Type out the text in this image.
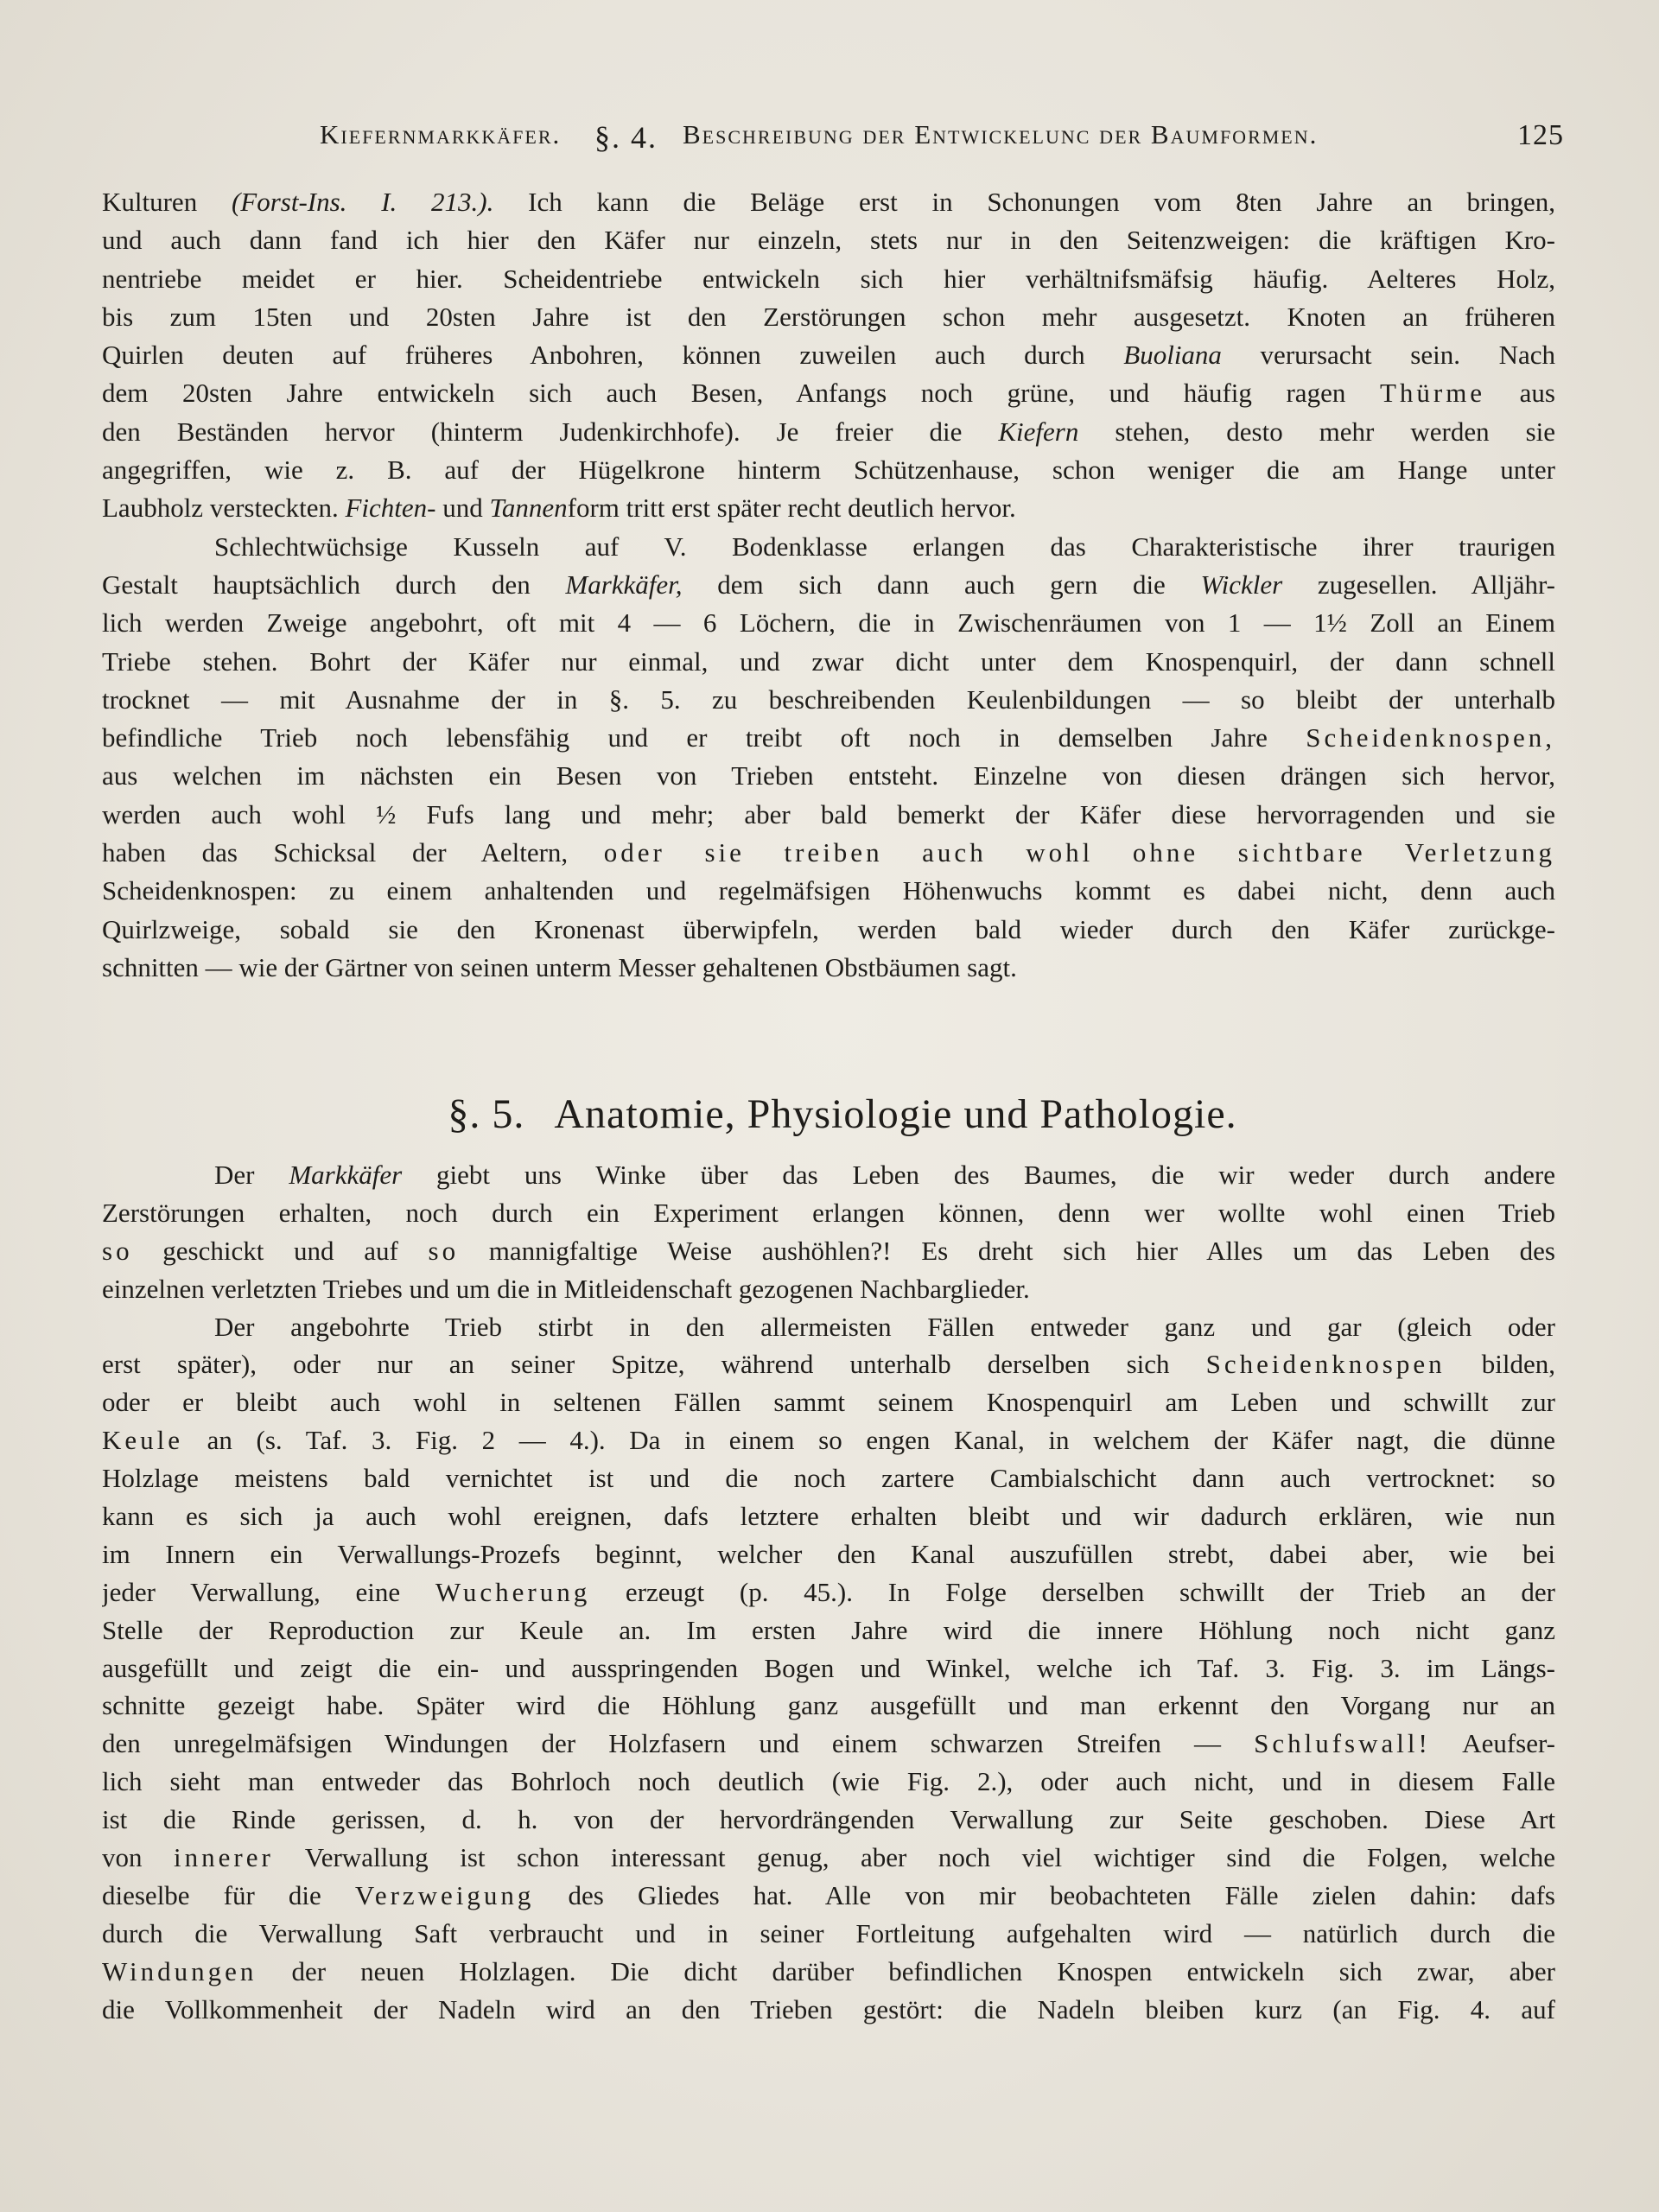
Kiefernmarkkäfer. §. 4. Beschreibung der Entwickelunc der Baumformen.	125
Kulturen (Forst-Ins. I. 213.). Ich kann die Beläge erst in Schonungen vom 8ten Jahre an bringen,
und auch dann fand ich hier den Käfer nur einzeln, stets nur in den Seitenzweigen: die kräftigen Kro-
nentriebe meidet er hier. Scheidentriebe entwickeln sich hier verhältnifsmäfsig häufig. Aelteres Holz,
bis zum 15ten und 20sten Jahre ist den Zerstörungen schon mehr ausgesetzt. Knoten an früheren
Quirlen deuten auf früheres Anbohren, können zuweilen auch durch Buoliana verursacht sein. Nach
dem 20sten Jahre entwickeln sich auch Besen, Anfangs noch grüne, und häufig ragen Thürme aus
den Beständen hervor (hinterm Judenkirchhofe). Je freier die Kiefern stehen, desto mehr werden sie
angegriffen, wie z. B. auf der Hügelkrone hinterm Schützenhause, schon weniger die am Hange unter
Laubholz versteckten. Fichten- und Tannenform tritt erst später recht deutlich hervor.
Schlechtwüchsige Kusseln auf V. Bodenklasse erlangen das Charakteristische ihrer traurigen
Gestalt hauptsächlich durch den Markkäfer, dem sich dann auch gern die Wickler zugesellen. Alljähr-
lich werden Zweige angebohrt, oft mit 4 — 6 Löchern, die in Zwischenräumen von 1 — 1½ Zoll an Einem
Triebe stehen. Bohrt der Käfer nur einmal, und zwar dicht unter dem Knospenquirl, der dann schnell
trocknet — mit Ausnahme der in §. 5. zu beschreibenden Keulenbildungen — so bleibt der unterhalb
befindliche Trieb noch lebensfähig und er treibt oft noch in demselben Jahre Scheidenknospen,
aus welchen im nächsten ein Besen von Trieben entsteht. Einzelne von diesen drängen sich hervor,
werden auch wohl ½ Fufs lang und mehr; aber bald bemerkt der Käfer diese hervorragenden und sie
haben das Schicksal der Aeltern, oder sie treiben auch wohl ohne sichtbare Verletzung
Scheidenknospen: zu einem anhaltenden und regelmäfsigen Höhenwuchs kommt es dabei nicht, denn auch
Quirlzweige, sobald sie den Kronenast überwipfeln, werden bald wieder durch den Käfer zurückge-
schnitten — wie der Gärtner von seinen unterm Messer gehaltenen Obstbäumen sagt.
§. 5. Anatomie, Physiologie und Pathologie.
Der Markkäfer giebt uns Winke über das Leben des Baumes, die wir weder durch andere
Zerstörungen erhalten, noch durch ein Experiment erlangen können, denn wer wollte wohl einen Trieb
so geschickt und auf so mannigfaltige Weise aushöhlen?! Es dreht sich hier Alles um das Leben des
einzelnen verletzten Triebes und um die in Mitleidenschaft gezogenen Nachbarglieder.
Der angebohrte Trieb stirbt in den allermeisten Fällen entweder ganz und gar (gleich oder
erst später), oder nur an seiner Spitze, während unterhalb derselben sich Scheidenknospen bilden,
oder er bleibt auch wohl in seltenen Fällen sammt seinem Knospenquirl am Leben und schwillt zur
Keule an (s. Taf. 3. Fig. 2 — 4.). Da in einem so engen Kanal, in welchem der Käfer nagt, die dünne
Holzlage meistens bald vernichtet ist und die noch zartere Cambialschicht dann auch vertrocknet: so
kann es sich ja auch wohl ereignen, dafs letztere erhalten bleibt und wir dadurch erklären, wie nun
im Innern ein Verwallungs-Prozefs beginnt, welcher den Kanal auszufüllen strebt, dabei aber, wie bei
jeder Verwallung, eine Wucherung erzeugt (p. 45.). In Folge derselben schwillt der Trieb an der
Stelle der Reproduction zur Keule an. Im ersten Jahre wird die innere Höhlung noch nicht ganz
ausgefüllt und zeigt die ein- und ausspringenden Bogen und Winkel, welche ich Taf. 3. Fig. 3. im Längs-
schnitte gezeigt habe. Später wird die Höhlung ganz ausgefüllt und man erkennt den Vorgang nur an
den unregelmäfsigen Windungen der Holzfasern und einem schwarzen Streifen — Schlufswall! Aeufser-
lich sieht man entweder das Bohrloch noch deutlich (wie Fig. 2.), oder auch nicht, und in diesem Falle
ist die Rinde gerissen, d. h. von der hervordrängenden Verwallung zur Seite geschoben. Diese Art
von innerer Verwallung ist schon interessant genug, aber noch viel wichtiger sind die Folgen, welche
dieselbe für die Verzweigung des Gliedes hat. Alle von mir beobachteten Fälle zielen dahin: dafs
durch die Verwallung Saft verbraucht und in seiner Fortleitung aufgehalten wird — natürlich durch die
Windungen der neuen Holzlagen. Die dicht darüber befindlichen Knospen entwickeln sich zwar, aber
die Vollkommenheit der Nadeln wird an den Trieben gestört: die Nadeln bleiben kurz (an Fig. 4. auf
